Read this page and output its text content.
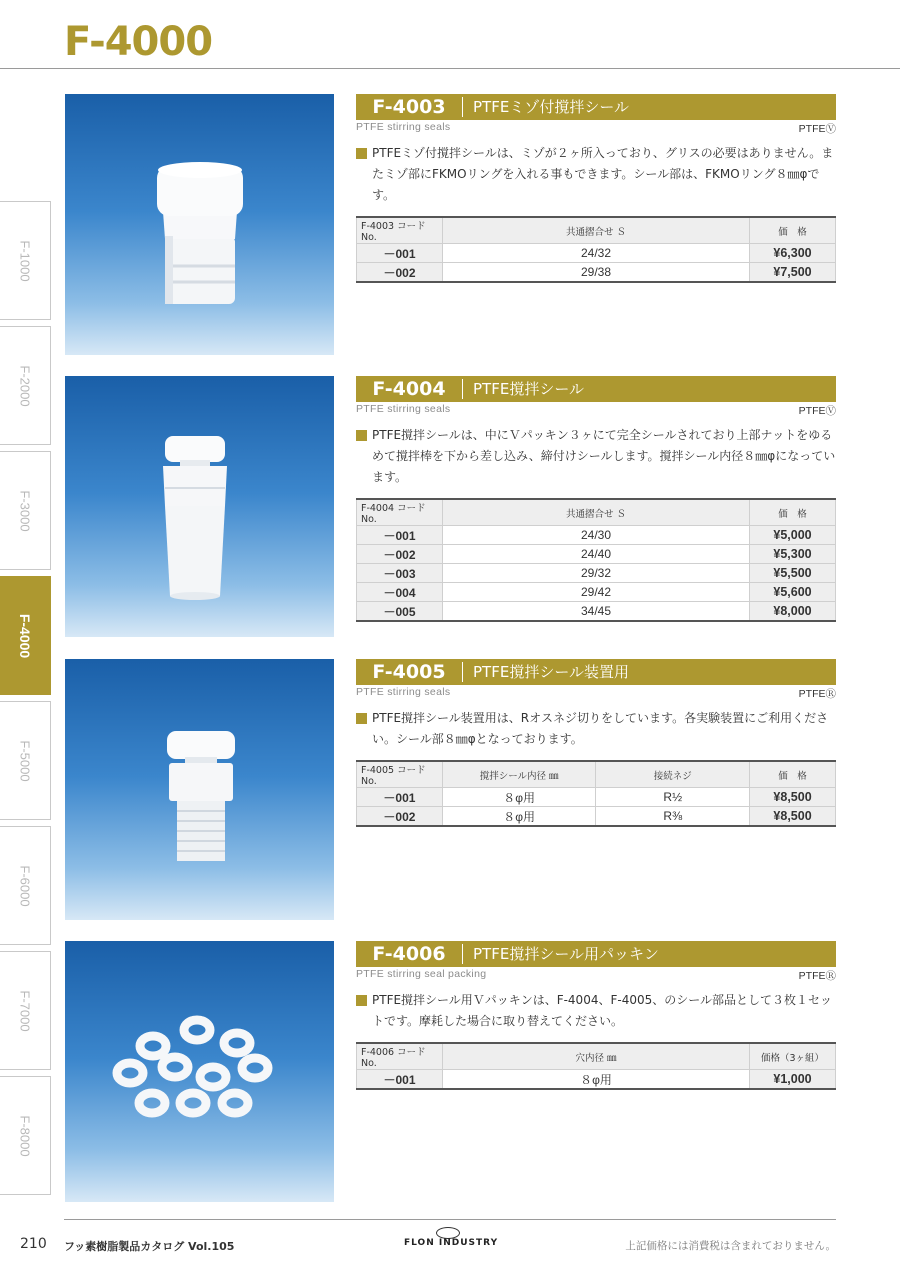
F-4000
F-1000
F-2000
F-3000
F-4000
F-5000
F-6000
F-7000
F-8000
F-4003	PTFEミゾ付撹拌シール
PTFE stirring seals	PTFEⓋ
PTFEミゾ付撹拌シールは、ミゾが２ヶ所入っており、グリスの必要はありません。またミゾ部にFKMOリングを入れる事もできます。シール部は、FKMOリング８㎜φです。
F-4003 コードNo.	共通摺合せ Ｓ	価　格
－001	24/32	¥6,300
－002	29/38	¥7,500
F-4004	PTFE撹拌シール
PTFE stirring seals	PTFEⓋ
PTFE撹拌シールは、中にＶパッキン３ヶにて完全シールされており上部ナットをゆるめて撹拌棒を下から差し込み、締付けシールします。撹拌シール内径８㎜φになっています。
F-4004 コードNo.	共通摺合せ Ｓ	価　格
－001	24/30	¥5,000
－002	24/40	¥5,300
－003	29/32	¥5,500
－004	29/42	¥5,600
－005	34/45	¥8,000
F-4005	PTFE撹拌シール装置用
PTFE stirring seals	PTFEⓇ
PTFE撹拌シール装置用は、Rオスネジ切りをしています。各実験装置にご利用ください。シール部８㎜φとなっております。
F-4005 コードNo.	撹拌シール内径 ㎜	接続ネジ	価　格
－001	８φ用	R½	¥8,500
－002	８φ用	R⅜	¥8,500
F-4006	PTFE撹拌シール用パッキン
PTFE stirring seal packing	PTFEⓇ
PTFE撹拌シール用Ｖパッキンは、F-4004、F-4005、のシール部品として３枚１セットです。摩耗した場合に取り替えてください。
F-4006 コードNo.	穴内径 ㎜	価格（3ヶ組）
－001	８φ用	¥1,000
210 フッ素樹脂製品カタログ Vol.105	FLON INDUSTRY	上記価格には消費税は含まれておりません。
